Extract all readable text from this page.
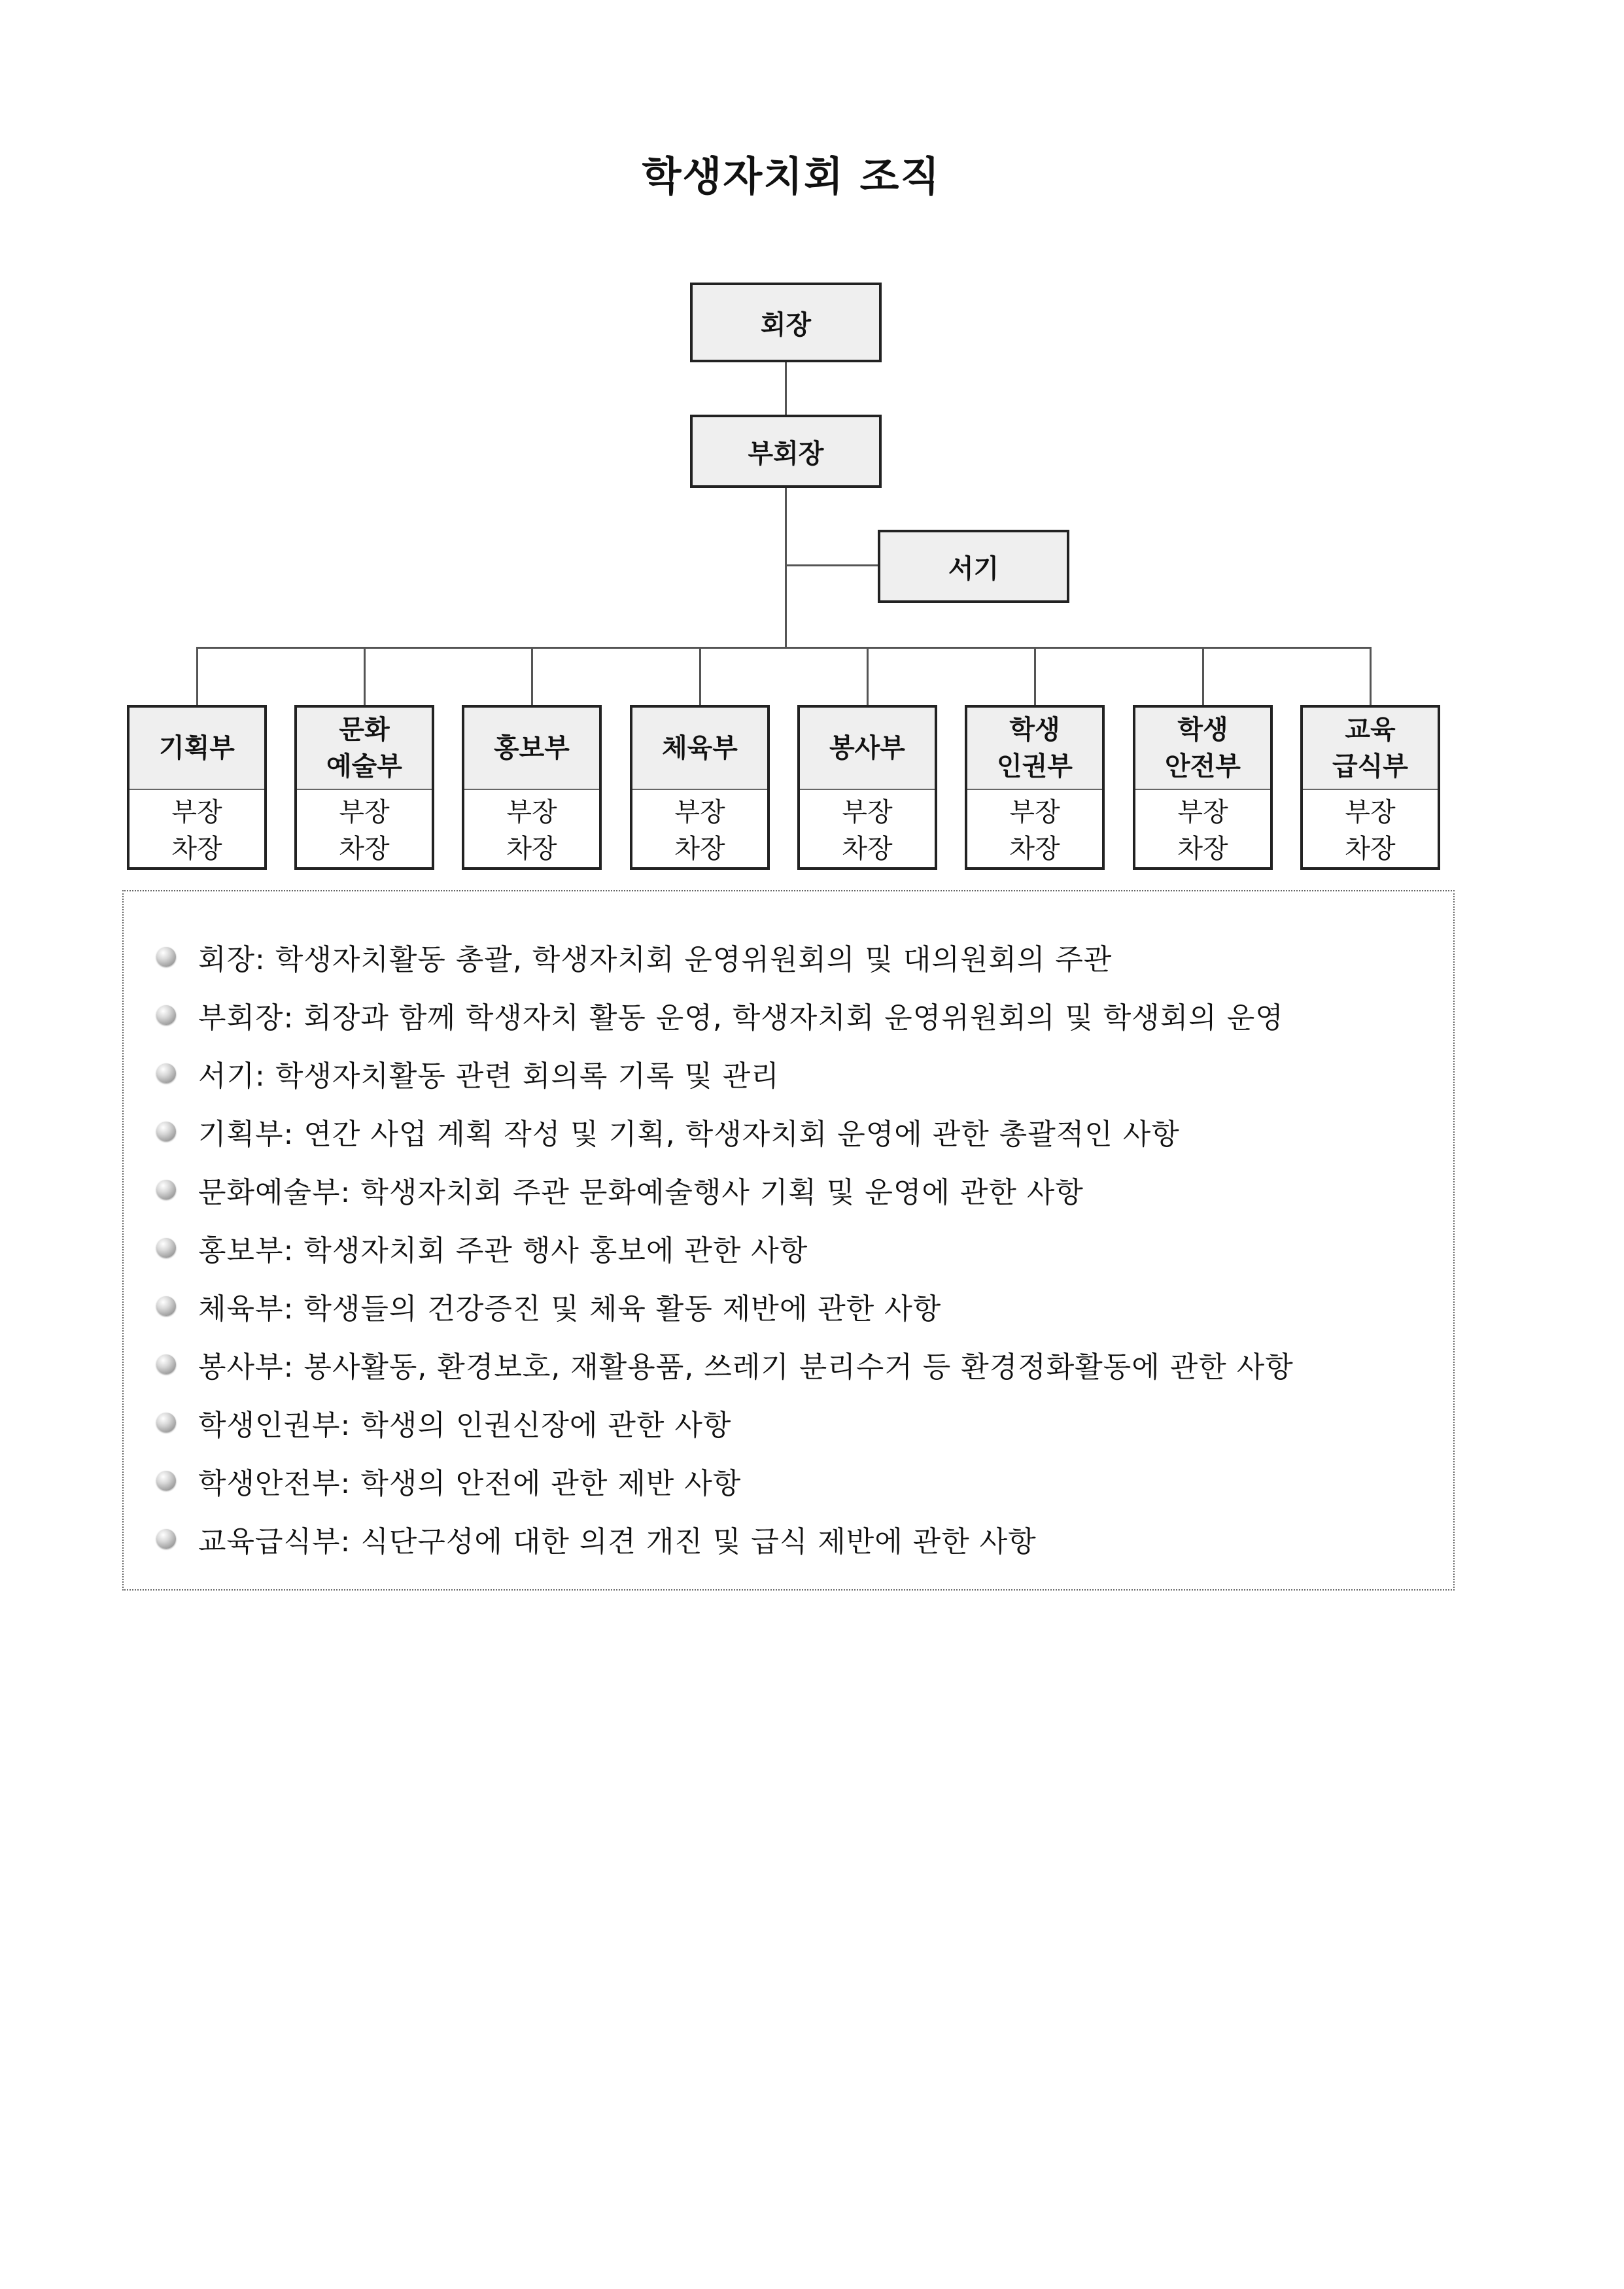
학생자치회 조직
회장
부회장
서기
기획부
부장
차장
문화
예술부
부장
차장
홍보부
부장
차장
체육부
부장
차장
봉사부
부장
차장
학생
인권부
부장
차장
학생
안전부
부장
차장
교육
급식부
부장
차장
회장: 학생자치활동 총괄, 학생자치회 운영위원회의 및 대의원회의 주관
부회장: 회장과 함께 학생자치 활동 운영, 학생자치회 운영위원회의 및 학생회의 운영
서기: 학생자치활동 관련 회의록 기록 및 관리
기획부: 연간 사업 계획 작성 및 기획, 학생자치회 운영에 관한 총괄적인 사항
문화예술부: 학생자치회 주관 문화예술행사 기획 및 운영에 관한 사항
홍보부: 학생자치회 주관 행사 홍보에 관한 사항
체육부: 학생들의 건강증진 및 체육 활동 제반에 관한 사항
봉사부: 봉사활동, 환경보호, 재활용품, 쓰레기 분리수거 등 환경정화활동에 관한 사항
학생인권부: 학생의 인권신장에 관한 사항
학생안전부: 학생의 안전에 관한 제반 사항
교육급식부: 식단구성에 대한 의견 개진 및 급식 제반에 관한 사항
